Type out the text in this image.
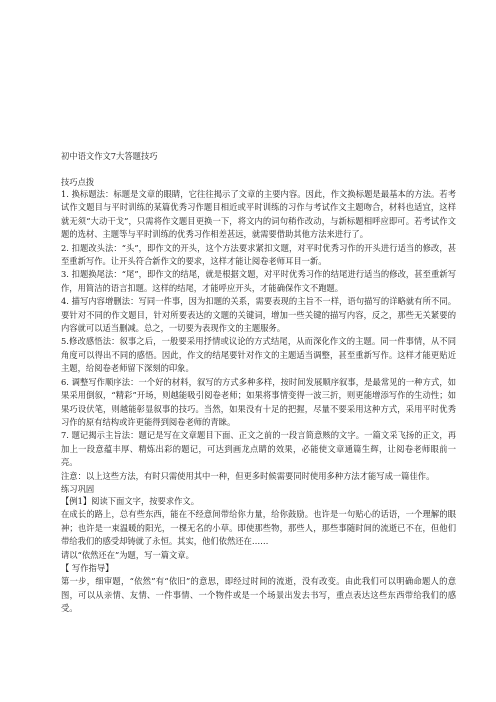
初中语文作文7大答题技巧
技巧点拨

1. 换标题法：标题是文章的眼睛，它往往揭示了文章的主要内容。因此，作文换标题是最基本的方法。若考试作文题目与平时训练的某篇优秀习作题目相近或平时训练的习作与考试作文主题吻合，材料也适宜，这样就无须“大动干戈”，只需将作文题目更换一下，将文内的词句稍作改动，与新标题相呼应即可。若考试作文题的选材、主题等与平时训练的优秀习作相差甚远，就需要借助其他方法来进行了。

2. 扣题改头法：“头”，即作文的开头，这个方法要求紧扣文题，对平时优秀习作的开头进行适当的修改，甚至重新写作。让开头符合新作文的要求，这样才能让阅卷老师耳目一新。

3. 扣题换尾法：“尾”，即作文的结尾，就是根据文题，对平时优秀习作的结尾进行适当的修改，甚至重新写作，用简洁的语言扣题。这样的结尾，才能呼应开头，才能确保作文不跑题。

4. 描写内容增删法：写同一件事，因为扣题的关系，需要表现的主旨不一样，语句描写的详略就有所不同。要针对不同的作文题目，针对所要表达的文题的关键词，增加一些关键的描写内容，反之，那些无关紧要的内容就可以适当删减。总之，一切要为表现作文的主题服务。

5.修改感悟法：叙事之后，一般要采用抒情或议论的方式结尾，从而深化作文的主题。同一件事情，从不同角度可以得出不同的感悟。因此，作文的结尾要针对作文的主题适当调整，甚至重新写作。这样才能更贴近主题，给阅卷老师留下深刻的印象。

6. 调整写作顺序法：一个好的材料，叙写的方式多种多样，按时间发展顺序叙事，是最常见的一种方式，如果采用倒叙，“精彩”开场，则越能吸引阅卷老师；如果将事情变得一波三折，则更能增添写作的生动性；如果巧设伏笔，则越能彰显叙事的技巧。当然，如果没有十足的把握，尽量不要采用这种方式，采用平时优秀习作的原有结构或许更能得到阅卷老师的青睐。

7. 题记揭示主旨法：题记是写在文章题目下面、正文之前的一段言简意赅的文字。一篇文采飞扬的正文，再加上一段意蕴丰厚、精炼出彩的题记，可达到画龙点睛的效果，必能使文章通篇生辉，让阅卷老师眼前一亮。

注意：以上这些方法，有时只需使用其中一种，但更多时候需要同时使用多种方法才能写成一篇佳作。

练习巩固

【例1】阅读下面文字，按要求作文。

在成长的路上，总有些东西，能在不经意间带给你力量，给你鼓励。也许是一句贴心的话语，一个理解的眼神；也许是一束温暖的阳光，一棵无名的小草。即使那些物，那些人，那些事随时间的流逝已不在，但他们带给我们的感受却铸就了永恒。其实，他们依然还在……

请以“依然还在”为题，写一篇文章。

【 写作指导】

第一步，细审题，“依然”有“依旧”的意思，即经过时间的流逝，没有改变。由此我们可以明确命题人的意图，可以从亲情、友情、一件事情、一个物件或是一个场景出发去书写，重点表达这些东西带给我们的感受。
